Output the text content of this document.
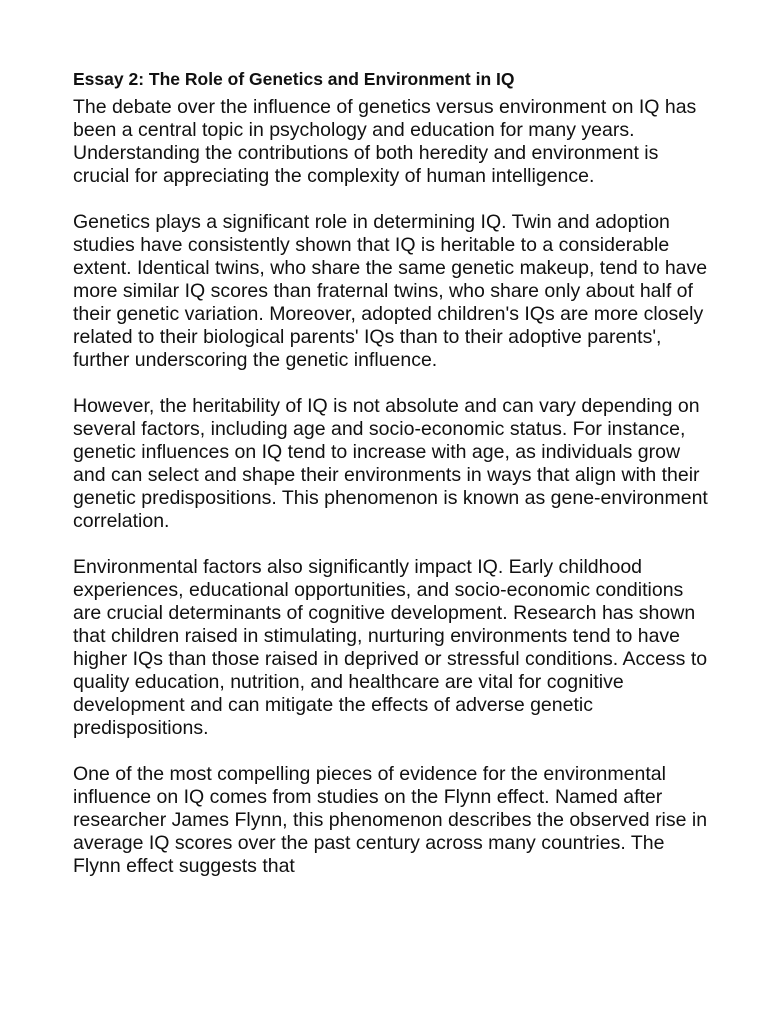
Essay 2: The Role of Genetics and Environment in IQ

The debate over the influence of genetics versus environment on IQ has been a central topic in psychology and education for many years. Understanding the contributions of both heredity and environment is crucial for appreciating the complexity of human intelligence.

Genetics plays a significant role in determining IQ. Twin and adoption studies have consistently shown that IQ is heritable to a considerable extent. Identical twins, who share the same genetic makeup, tend to have more similar IQ scores than fraternal twins, who share only about half of their genetic variation. Moreover, adopted children's IQs are more closely related to their biological parents' IQs than to their adoptive parents', further underscoring the genetic influence.

However, the heritability of IQ is not absolute and can vary depending on several factors, including age and socio-economic status. For instance, genetic influences on IQ tend to increase with age, as individuals grow and can select and shape their environments in ways that align with their genetic predispositions. This phenomenon is known as gene-environment correlation.

Environmental factors also significantly impact IQ. Early childhood experiences, educational opportunities, and socio-economic conditions are crucial determinants of cognitive development. Research has shown that children raised in stimulating, nurturing environments tend to have higher IQs than those raised in deprived or stressful conditions. Access to quality education, nutrition, and healthcare are vital for cognitive development and can mitigate the effects of adverse genetic predispositions.

One of the most compelling pieces of evidence for the environmental influence on IQ comes from studies on the Flynn effect. Named after researcher James Flynn, this phenomenon describes the observed rise in average IQ scores over the past century across many countries. The Flynn effect suggests that
